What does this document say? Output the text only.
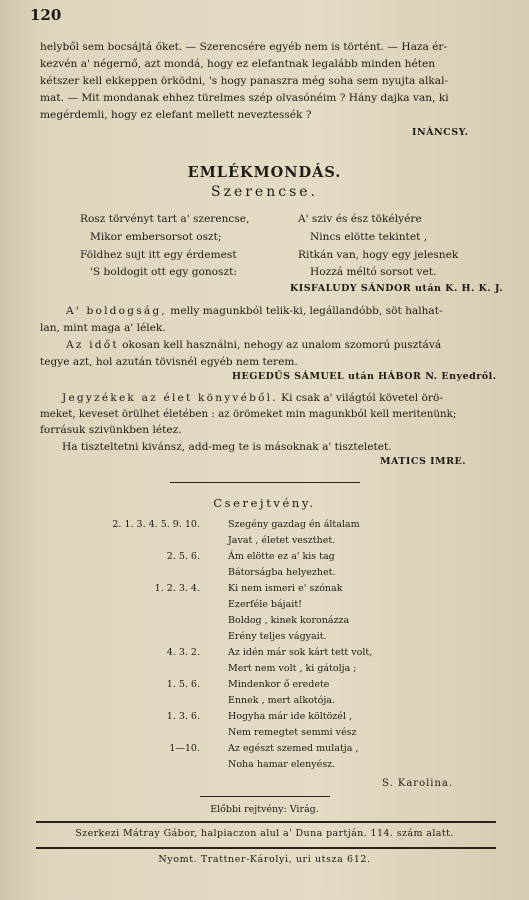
120
helyből sem bocsájtá őket. — Szerencsére egyéb nem is történt. — Haza ér-
kezvén a' négernő, azt mondá, hogy ez elefantnak legalább minden héten
kétszer kell ekkeppen örködni, 's hogy panaszra még soha sem nyujta alkal-
mat. — Mit mondanak ehhez türelmes szép olvasónéim ? Hány dajka van, ki
megérdemli, hogy ez elefant mellett neveztessék ?
INÁNCSY.
EMLÉKMONDÁS.
Szerencse.
Rosz törvényt tart a' szerencse,
Mikor embersorsot oszt;
Földhez sujt itt egy érdemest
'S boldogit ott egy gonoszt:
A' sziv és ész tökélyére
Nincs elötte tekintet ,
Ritkán van, hogy egy jelesnek
Hozzá méltó sorsot vet.
KISFALUDY SÁNDOR után K. H. K. J.
A' boldogság, melly magunkból telik-ki, legállandóbb, söt halhat-
lan, mint maga a' lélek.
Az időt okosan kell használni, nehogy az unalom szomorú pusztává
tegye azt, hol azután tövisnél egyéb nem terem.
HEGEDŰS SÁMUEL után HÁBOR N. Enyedről.
Jegyzékek az élet könyvéből. Ki csak a' világtól követel örö-
meket, keveset örülhet életében : az örömeket min magunkból kell meritenünk;
forrásuk szivünkben létez.
Ha tiszteltetni kivánsz, add-meg te is másoknak a' tiszteletet.
MATICS IMRE.
Cserejtvény.
2. 1. 3. 4. 5. 9. 10.	Szegény gazdag én általam
Javat , életet veszthet.
2. 5. 6.	Ám elötte ez a' kis tag
Bátorságba helyezhet.
1. 2. 3. 4.	Ki nem ismeri e' szónak
Ezerféle bájait!
Boldog , kinek koronázza
Erény teljes vágyait.
4. 3. 2.	Az idén már sok kárt tett volt,
Mert nem volt , ki gátolja ;
1. 5. 6.	Mindenkor ő eredete
Ennek , mert alkotója.
1. 3. 6.	Hogyha már ide költözél ,
Nem remegtet semmi vész
1—10.	Az egészt szemed mulatja ,
Noha hamar elenyész.
S. Karolina.
Előbbi rejtvény: Virág.
Szerkezi Mátray Gábor, halpiaczon alul a' Duna partján. 114. szám alatt.
Nyomt. Trattner-Károlyi, uri utsza 612.
